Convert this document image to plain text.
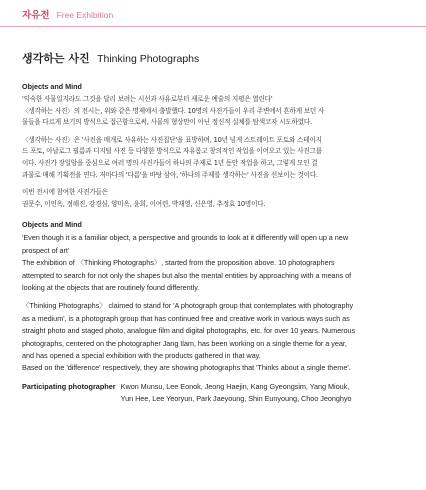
자유전 Free Exhibition
생각하는 사진 Thinking Photographs
Objects and Mind
'익숙한 사물일지라도 그것을 달리 보려는 시선과 사유로부터 새로운 예술의 지평은 열린다'
〈생각하는 사진〉의 전시는, 위와 같은 명제에서 출발했다. 10명의 사진가들이 우리 주변에서 흔하게 보던 사
물들을 다르게 보기의 방식으로 접근함으로써, 사물의 형상만이 아닌 정신적 실체를 탐색코자 시도하였다.
〈생각하는 사진〉은 '사진을 매개로 사유하는 사진집단'을 표방하며, 10년 넘게 스트레이트 포토와 스테이지
드 포토, 아날로그 필름과 디지털 사진 등 다양한 방식으로 자유롭고 창의적인 작업을 이어오고 있는 사진그룹
이다. 사진가 장일암을 중심으로 여러 명의 사진가들이 하나의 주제로 1년 동안 작업을 하고, 그렇게 모인 결
과물로 매해 기획전을 연다. 저마다의 '다름'을 바탕 삼아, '하나의 주제를 생각하는' 사진을 선보이는 것이다.
이번 전시에 참여한 사진가들은
권문수, 이언옥, 정해진, 강경심, 양미옥, 윤희, 이여련, 박재영, 신은영, 추정효 10명이다.
Objects and Mind
'Even though it is a familiar object, a perspective and grounds to look at it differently will open up a new
prospect of art'
The exhibition of 〈Thinking Photographs〉, started from the proposition above. 10 photographers
attempted to search for not only the shapes but also the mental entities by approaching with a means of
looking at the objects that are routinely found differently.
〈Thinking Photographs〉 claimed to stand for 'A photograph group that contemplates with photography
as a medium', is a photograph group that has continued free and creative work in various ways such as
straight photo and staged photo, analogue film and digital photographs, etc. for over 10 years. Numerous
photographs, centered on the photographer Jang Ilam, has been working on a single theme for a year,
and has opened a special exhibition with the products gathered in that way.
Based on the 'difference' respectively, they are showing photographs that 'Thinks about a single theme'.
Participating photographer Kwon Munsu, Lee Eonok, Jeong Haejin, Kang Gyeongsim, Yang Miouk,
Yun Hee, Lee Yeoryun, Park Jaeyoung, Shin Eunyoung, Choo Jeonghyo
